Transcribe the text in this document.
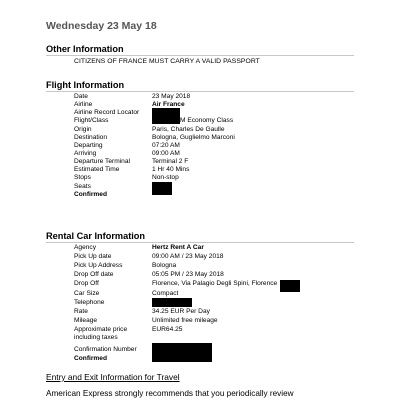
Wednesday 23 May 18
Other Information
CITIZENS OF FRANCE MUST CARRY A VALID PASSPORT
Flight Information
Date	23 May 2018
Airline	Air France
Airline Record Locator
Flight/Class	M Economy Class
Origin	Paris, Charles De Gaulle
Destination	Bologna, Guglielmo Marconi
Departing	07:20 AM
Arriving	09:00 AM
Departure Terminal	Terminal 2 F
Estimated Time	1 Hr 40 Mins
Stops	Non-stop
Seats
Confirmed
Rental Car Information
Agency	Hertz Rent A Car
Pick Up date	09:00 AM / 23 May 2018
Pick Up Address	Bologna
Drop Off date	05:05 PM / 23 May 2018
Drop Off	Florence, Via Palagio Degli Spini, Florence
Car Size	Compact
Telephone
Rate	34.25 EUR Per Day
Mileage	Unlimited free mileage
Approximate price	EUR64.25
including taxes
Confirmation Number
Confirmed
Entry and Exit Information for Travel
American Express strongly recommends that you periodically review
